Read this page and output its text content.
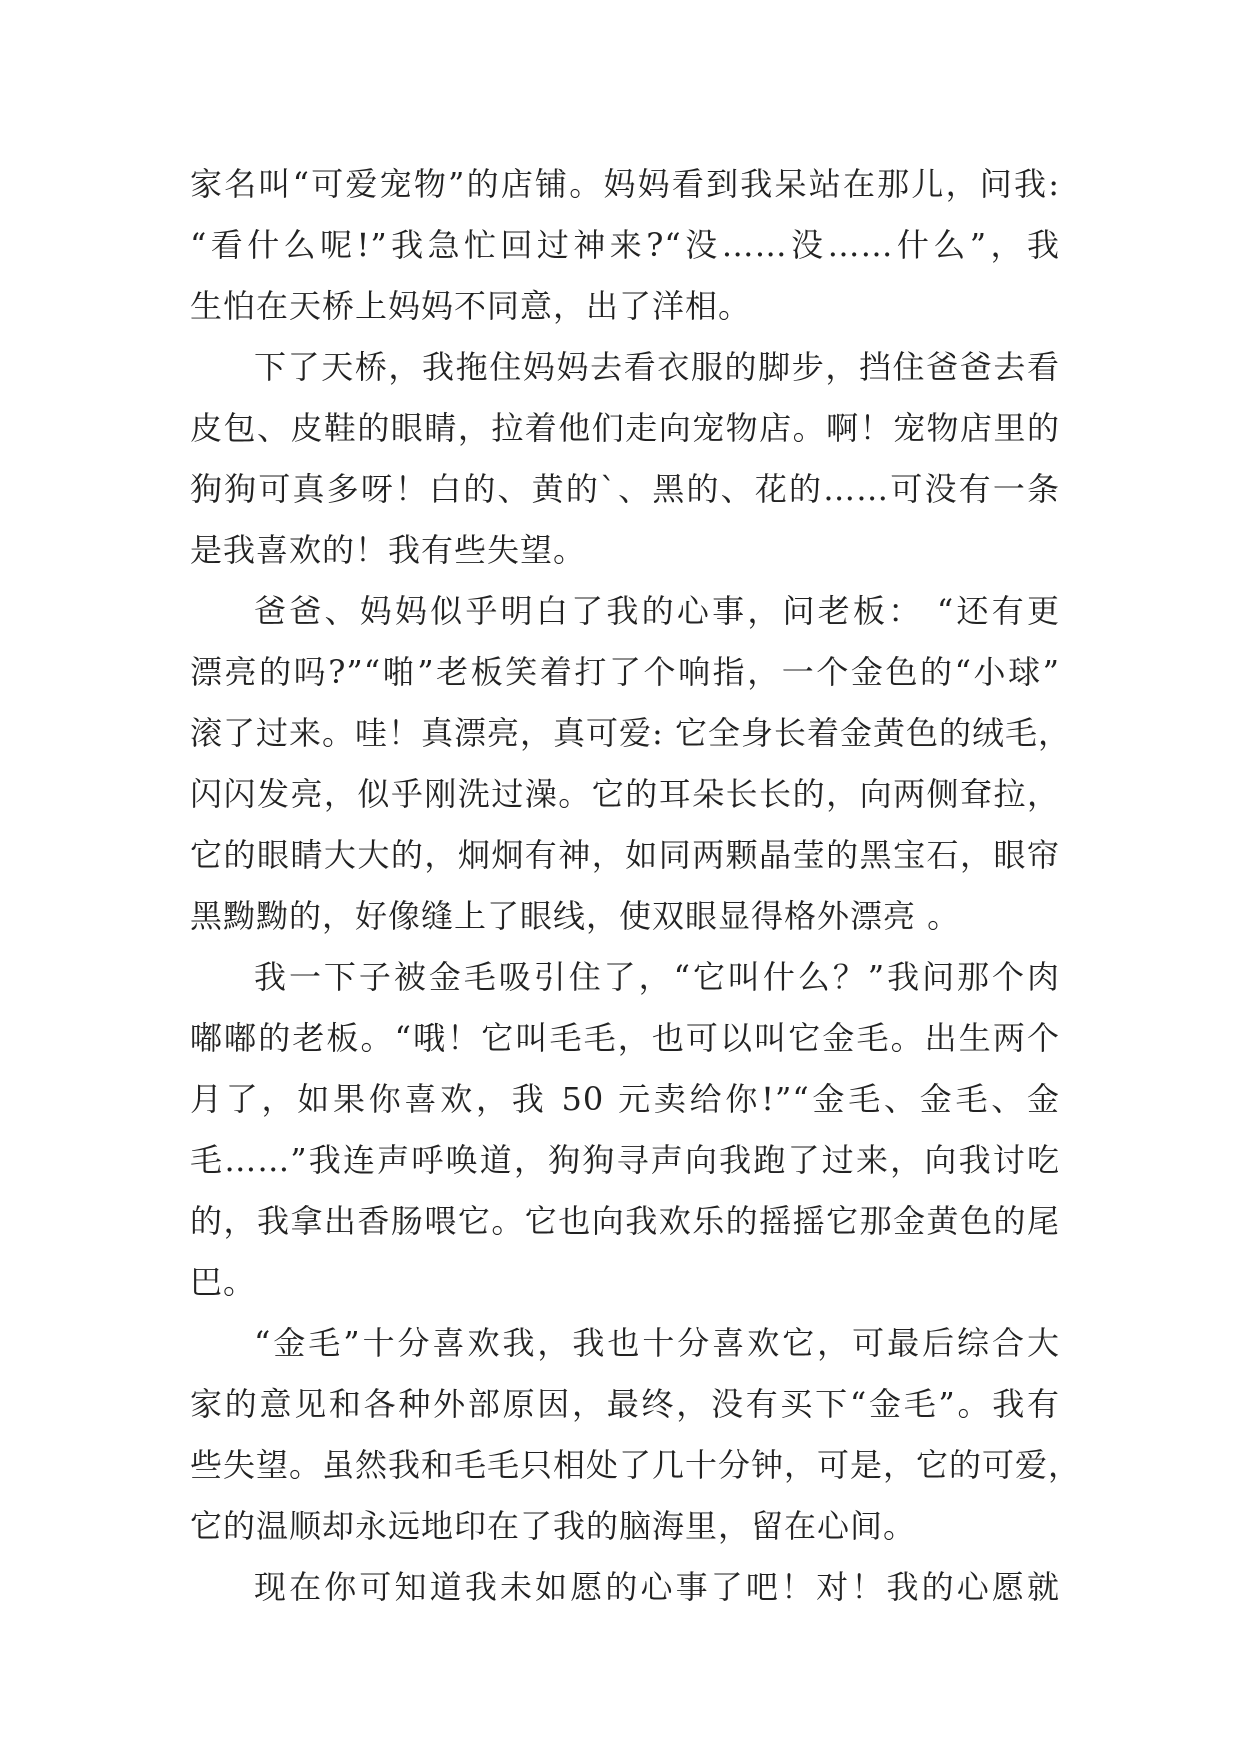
家名叫“可爱宠物”的店铺。妈妈看到我呆站在那儿，问我:
“看什么呢!”我急忙回过神来?“没……没……什么”，我
生怕在天桥上妈妈不同意，出了洋相。
下了天桥，我拖住妈妈去看衣服的脚步，挡住爸爸去看
皮包、皮鞋的眼睛，拉着他们走向宠物店。啊！宠物店里的
狗狗可真多呀！白的、黄的`、黑的、花的……可没有一条
是我喜欢的！我有些失望。
爸爸、妈妈似乎明白了我的心事，问老板： “还有更
漂亮的吗?”“啪”老板笑着打了个响指，一个金色的“小球”
滚了过来。哇！真漂亮，真可爱: 它全身长着金黄色的绒毛，
闪闪发亮，似乎刚洗过澡。它的耳朵长长的，向两侧耷拉，
它的眼睛大大的，炯炯有神，如同两颗晶莹的黑宝石，眼帘
黑黝黝的，好像缝上了眼线，使双眼显得格外漂亮 。
我一下子被金毛吸引住了，“它叫什么？”我问那个肉
嘟嘟的老板。“哦！它叫毛毛，也可以叫它金毛。出生两个
月了，如果你喜欢，我 50 元卖给你!”“金毛、金毛、金
毛……”我连声呼唤道，狗狗寻声向我跑了过来，向我讨吃
的，我拿出香肠喂它。它也向我欢乐的摇摇它那金黄色的尾
巴。
“金毛”十分喜欢我，我也十分喜欢它，可最后综合大
家的意见和各种外部原因，最终，没有买下“金毛”。我有
些失望。虽然我和毛毛只相处了几十分钟，可是，它的可爱，
它的温顺却永远地印在了我的脑海里，留在心间。
现在你可知道我未如愿的心事了吧！对！我的心愿就
